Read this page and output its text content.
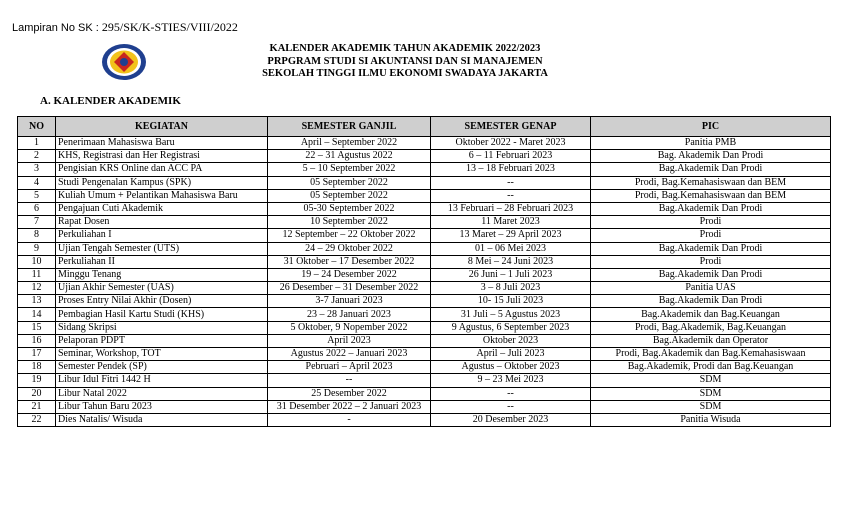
Lampiran No SK : 295/SK/K-STIES/VIII/2022
KALENDER AKADEMIK TAHUN AKADEMIK 2022/2023
PRPGRAM STUDI SI AKUNTANSI DAN SI MANAJEMEN
SEKOLAH TINGGI ILMU EKONOMI SWADAYA JAKARTA
A. KALENDER AKADEMIK
NO	KEGIATAN	SEMESTER GANJIL	SEMESTER GENAP	PIC
1	Penerimaan Mahasiswa Baru	April – September 2022	Oktober 2022 - Maret 2023	Panitia PMB
2	KHS, Registrasi dan Her Registrasi	22 – 31 Agustus 2022	6 – 11 Februari 2023	Bag. Akademik Dan Prodi
3	Pengisian KRS Online dan ACC PA	5 – 10 September 2022	13 – 18 Februari 2023	Bag.Akademik Dan Prodi
4	Studi Pengenalan Kampus (SPK)	05 September 2022	--	Prodi, Bag.Kemahasiswaan dan BEM
5	Kuliah Umum + Pelantikan Mahasiswa Baru	05 September 2022	--	Prodi, Bag.Kemahasiswaan dan BEM
6	Pengajuan Cuti Akademik	05-30 September 2022	13 Februari – 28 Februari 2023	Bag.Akademik Dan Prodi
7	Rapat Dosen	10 September 2022	11 Maret 2023	Prodi
8	Perkuliahan I	12 September – 22 Oktober 2022	13 Maret – 29 April 2023	Prodi
9	Ujian Tengah Semester (UTS)	24 – 29 Oktober 2022	01 – 06 Mei 2023	Bag.Akademik Dan Prodi
10	Perkuliahan II	31 Oktober – 17 Desember 2022	8 Mei – 24 Juni 2023	Prodi
11	Minggu Tenang	19 – 24 Desember 2022	26 Juni – 1 Juli 2023	Bag.Akademik Dan Prodi
12	Ujian Akhir Semester (UAS)	26 Desember – 31 Desember 2022	3 – 8 Juli 2023	Panitia UAS
13	Proses Entry Nilai Akhir (Dosen)	3-7 Januari 2023	10- 15 Juli 2023	Bag.Akademik Dan Prodi
14	Pembagian Hasil Kartu Studi (KHS)	23 – 28 Januari 2023	31 Juli – 5 Agustus 2023	Bag.Akademik dan Bag.Keuangan
15	Sidang Skripsi	5 Oktober, 9 Nopember 2022	9 Agustus, 6 September 2023	Prodi, Bag.Akademik, Bag.Keuangan
16	Pelaporan PDPT	April 2023	Oktober 2023	Bag.Akademik dan Operator
17	Seminar, Workshop, TOT	Agustus 2022 – Januari 2023	April – Juli 2023	Prodi, Bag.Akademik dan Bag.Kemahasiswaan
18	Semester Pendek (SP)	Pebruari – April 2023	Agustus – Oktober 2023	Bag.Akademik, Prodi dan Bag.Keuangan
19	Libur Idul Fitri 1442 H	--	9 – 23 Mei 2023	SDM
20	Libur Natal 2022	25 Desember 2022	--	SDM
21	Libur Tahun Baru 2023	31 Desember 2022 – 2 Januari 2023	--	SDM
22	Dies Natalis/ Wisuda	-	20 Desember 2023	Panitia Wisuda
